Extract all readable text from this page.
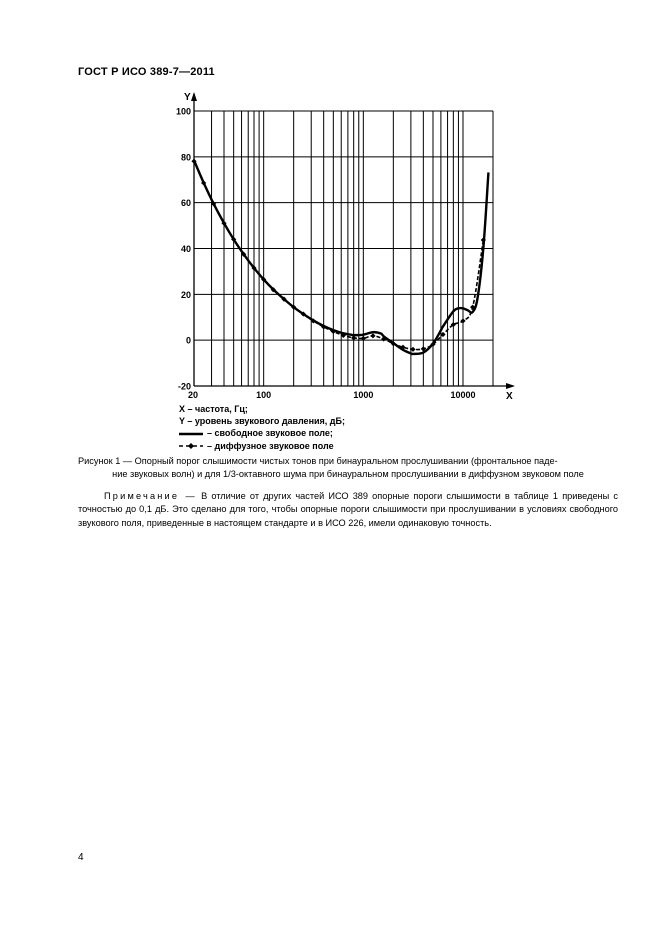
ГОСТ Р ИСО 389-7—2011
Y
X
100
80
60
40
20
0
-20
20	100	1000	10000
X – частота, Гц;
Y – уровень звукового давления, дБ;
– свободное звуковое поле;
– диффузное звуковое поле
Рисунок 1 — Опорный порог слышимости чистых тонов при бинауральном прослушивании (фронтальное паде-
ние звуковых волн) и для 1/3-октавного шума при бинауральном прослушивании в диффузном звуковом поле
Примечание — В отличие от других частей ИСО 389 опорные пороги слышимости в таблице 1 приведены с точностью до 0,1 дБ. Это сделано для того, чтобы опорные пороги слышимости при прослушивании в условиях свободного звукового поля, приведенные в настоящем стандарте и в ИСО 226, имели одинаковую точность.
4
